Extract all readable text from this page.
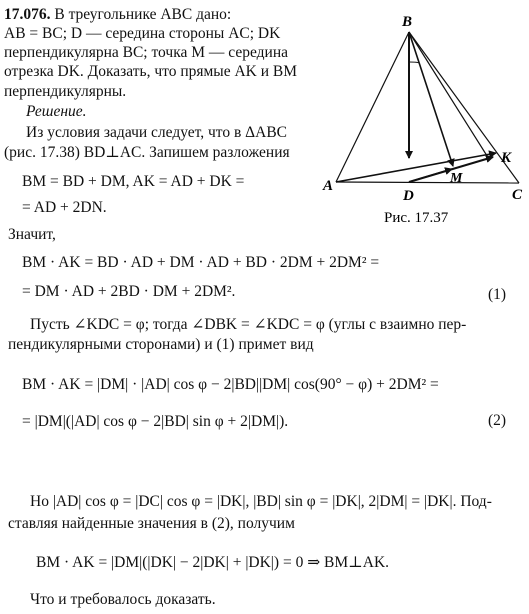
17.076. В треугольнике ABC дано:
AB = BC; D — середина стороны AC; DK
перпендикулярна BC; точка M — середина
отрезка DK. Доказать, что прямые AK и BM
перпендикулярны.
Решение.
Из условия задачи следует, что в ΔABC
(рис. 17.38) BD⊥AC. Запишем разложения
BM = BD + DM, AK = AD + DK =
= AD + 2DN.
Значит,
BM · AK = BD · AD + DM · AD + BD · 2DM + 2DM² =
= DM · AD + 2BD · DM + 2DM².	(1)
Пусть ∠KDC = φ; тогда ∠DBK = ∠KDC = φ (углы с взаимно пер-
пендикулярными сторонами) и (1) примет вид
BM · AK = |DM| · |AD| cos φ − 2|BD||DM| cos(90° − φ) + 2DM² =
= |DM|(|AD| cos φ − 2|BD| sin φ + 2|DM|).	(2)
Но |AD| cos φ = |DC| cos φ = |DK|, |BD| sin φ = |DK|, 2|DM| = |DK|. Под-
ставляя найденные значения в (2), получим
BM · AK = |DM|(|DK| − 2|DK| + |DK|) = 0 ⇒ BM⊥AK.
Что и требовалось доказать.
B
A
C
D
K
M
Рис. 17.37
